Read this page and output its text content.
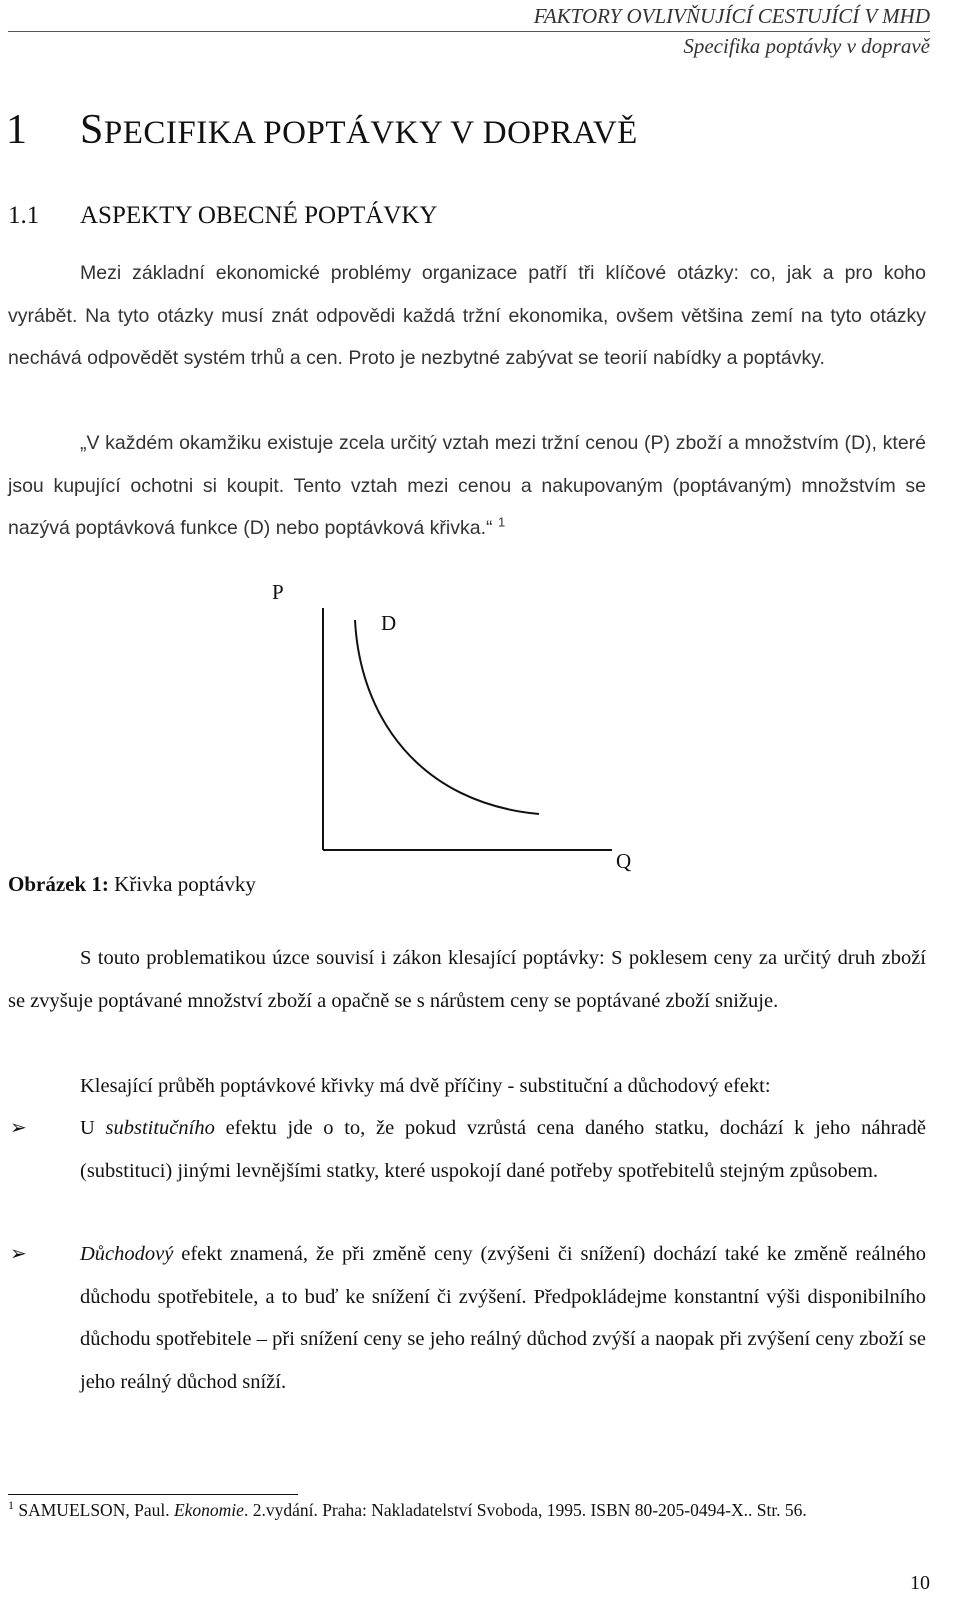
FAKTORY OVLIVŇUJÍCÍ CESTUJÍCÍ V MHD
Specifika poptávky v dopravě
1 SPECIFIKA POPTÁVKY V DOPRAVĚ
1.1 ASPEKTY OBECNÉ POPTÁVKY

Mezi základní ekonomické problémy organizace patří tři klíčové otázky: co, jak a pro koho vyrábět. Na tyto otázky musí znát odpovědi každá tržní ekonomika, ovšem většina zemí na tyto otázky nechává odpovědět systém trhů a cen. Proto je nezbytné zabývat se teorií nabídky a poptávky.

„V každém okamžiku existuje zcela určitý vztah mezi tržní cenou (P) zboží a množstvím (D), které jsou kupující ochotni si koupit. Tento vztah mezi cenou a nakupovaným (poptávaným) množstvím se nazývá poptávková funkce (D) nebo poptávková křivka.“ $^1$

P
D
Q
Obrázek 1: Křivka poptávky

S touto problematikou úzce souvisí i zákon klesající poptávky: S poklesem ceny za určitý druh zboží se zvyšuje poptávané množství zboží a opačně se s nárůstem ceny se poptávané zboží snižuje.

Klesající průběh poptávkové křivky má dvě příčiny - substituční a důchodový efekt:

➢	U substitučního efektu jde o to, že pokud vzrůstá cena daného statku, dochází k jeho náhradě (substituci) jinými levnějšími statky, které uspokojí dané potřeby spotřebitelů stejným způsobem.
➢	Důchodový efekt znamená, že při změně ceny (zvýšeni či snížení) dochází také ke změně reálného důchodu spotřebitele, a to buď ke snížení či zvýšení. Předpokládejme konstantní výši disponibilního důchodu spotřebitele – při snížení ceny se jeho reálný důchod zvýší a naopak při zvýšení ceny zboží se jeho reálný důchod sníží.
$^1$ SAMUELSON, Paul. Ekonomie. 2.vydání. Praha: Nakladatelství Svoboda, 1995. ISBN 80-205-0494-X.. Str. 56.
10
